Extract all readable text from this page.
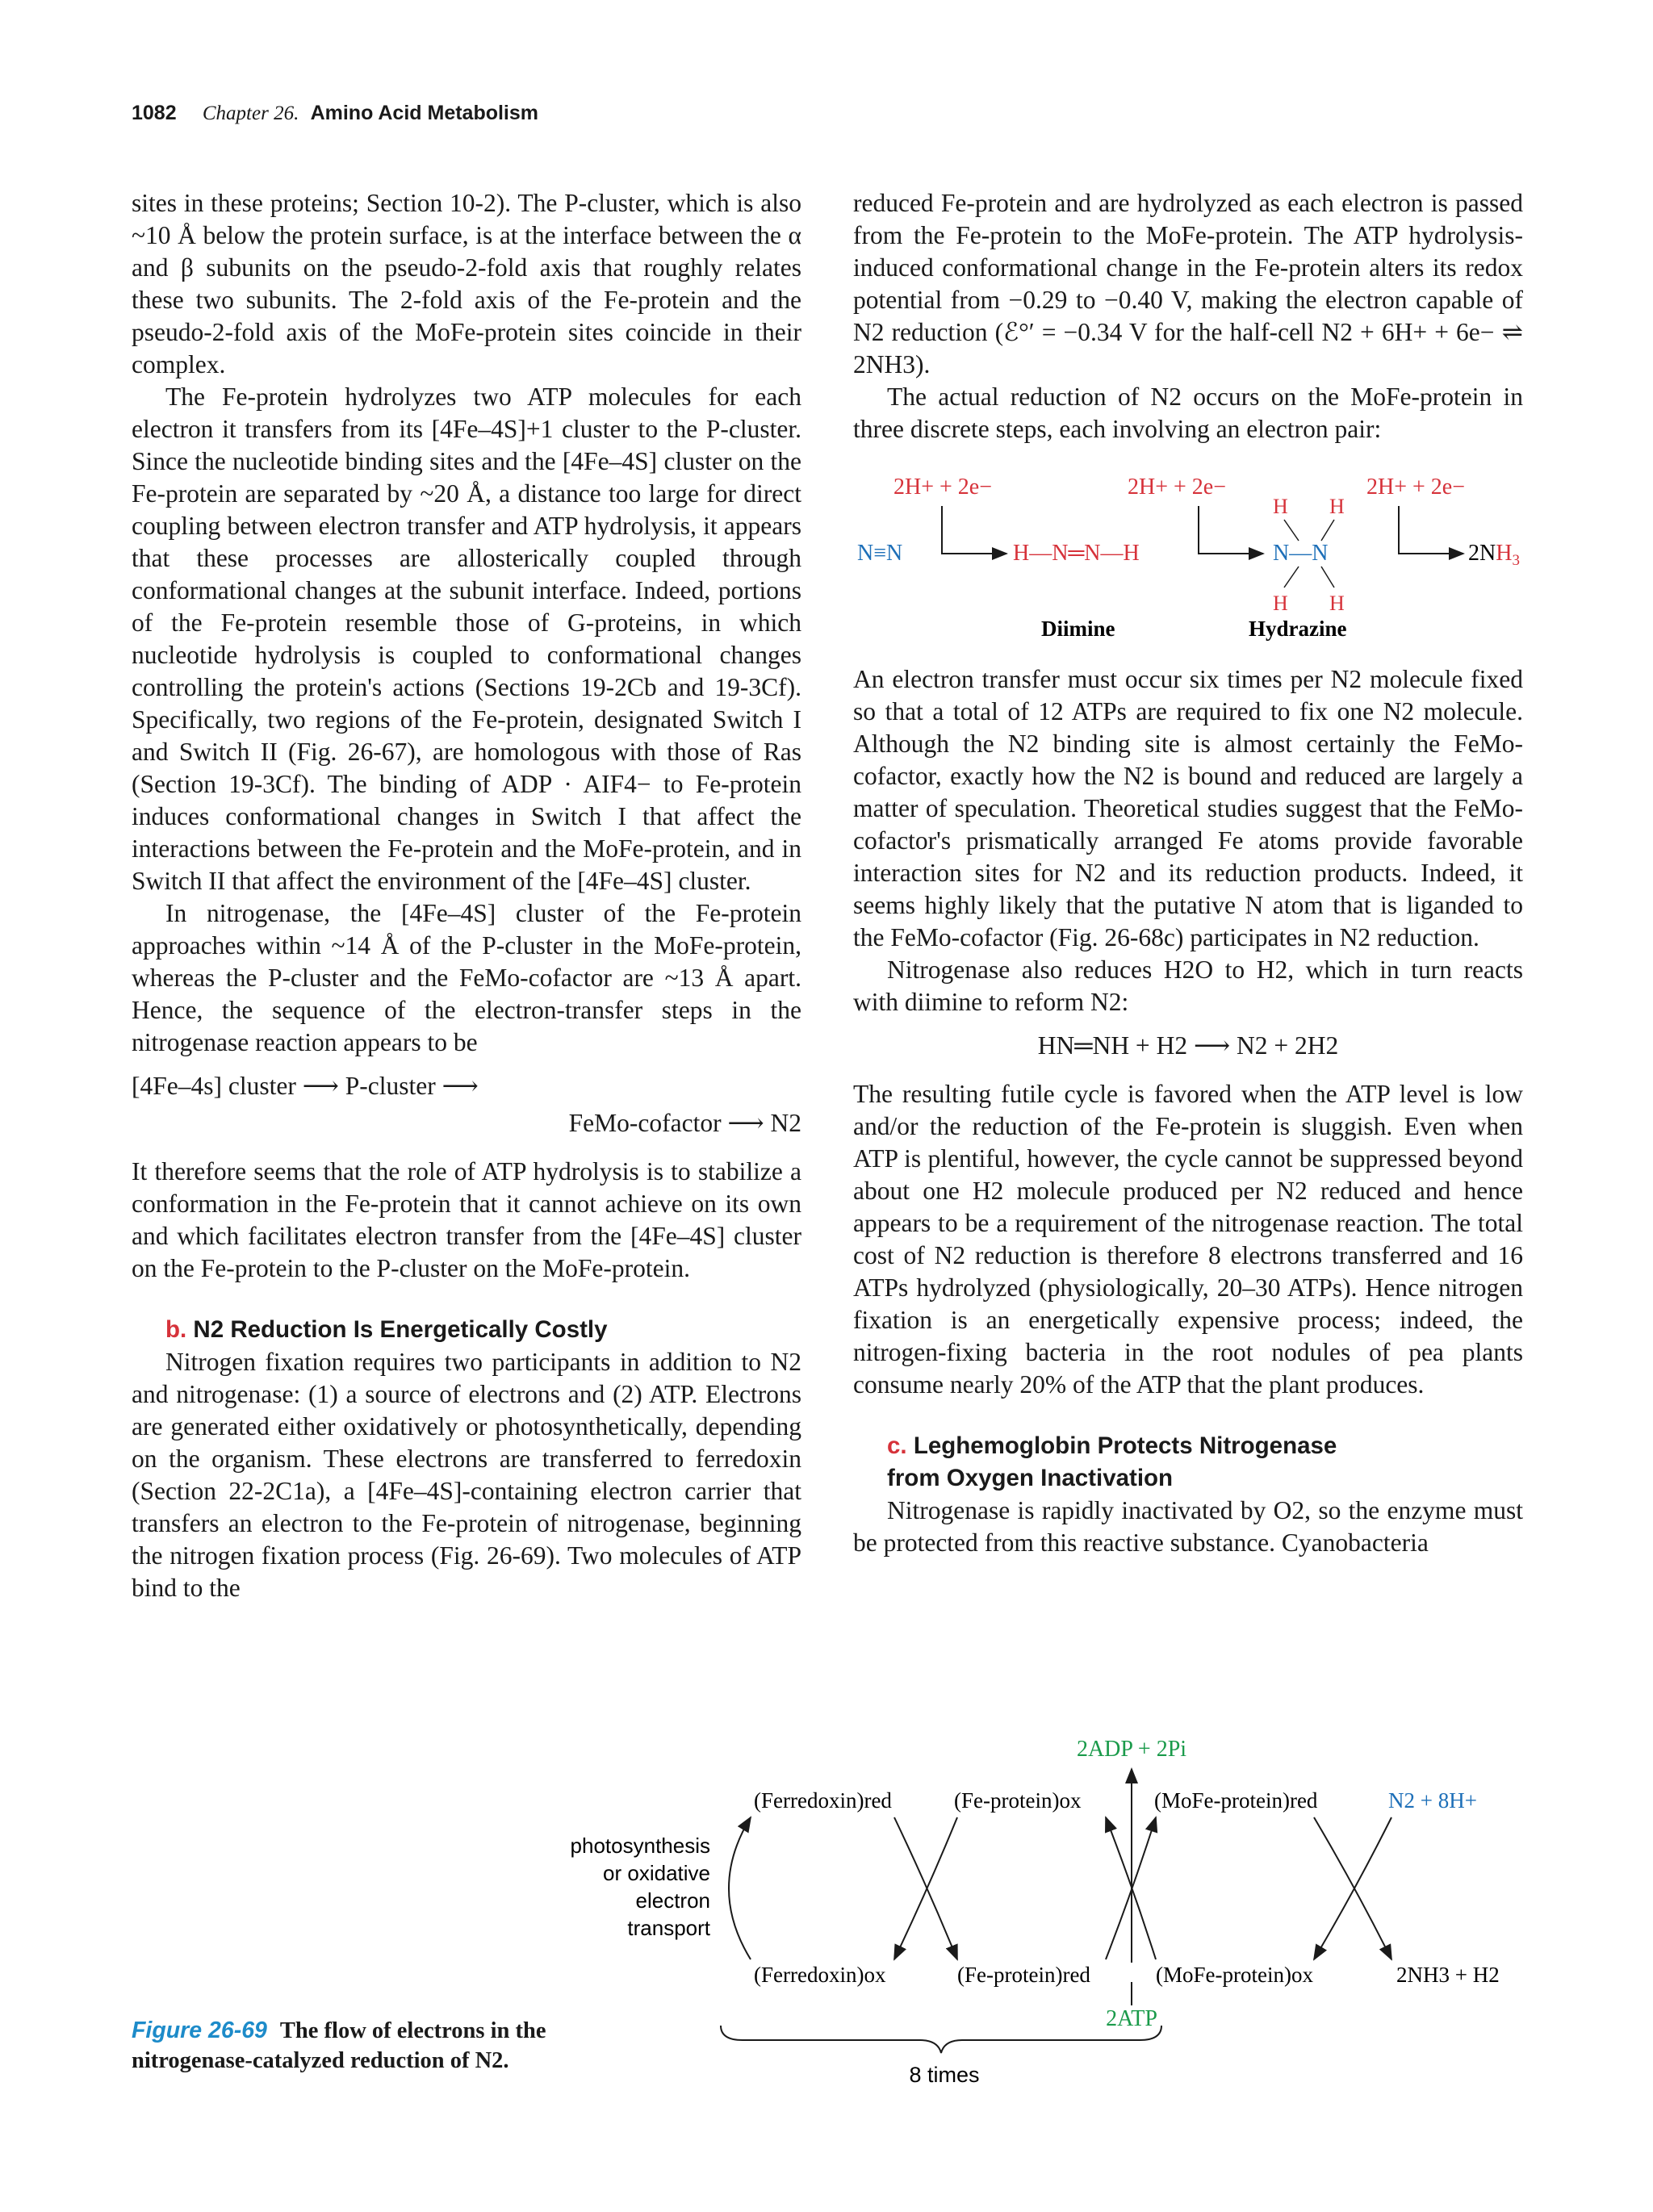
1082 Chapter 26. Amino Acid Metabolism

sites in these proteins; Section 10-2). The P-cluster, which is also ~10 Å below the protein surface, is at the interface between the α and β subunits on the pseudo-2-fold axis that roughly relates these two subunits. The 2-fold axis of the Fe-protein and the pseudo-2-fold axis of the MoFe-protein sites coincide in their complex.

The Fe-protein hydrolyzes two ATP molecules for each electron it transfers from its [4Fe–4S]+1 cluster to the P-cluster. Since the nucleotide binding sites and the [4Fe–4S] cluster on the Fe-protein are separated by ~20 Å, a distance too large for direct coupling between electron transfer and ATP hydrolysis, it appears that these processes are allosterically coupled through conformational changes at the subunit interface. Indeed, portions of the Fe-protein resemble those of G-proteins, in which nucleotide hydrolysis is coupled to conformational changes controlling the protein's actions (Sections 19-2Cb and 19-3Cf). Specifically, two regions of the Fe-protein, designated Switch I and Switch II (Fig. 26-67), are homologous with those of Ras (Section 19-3Cf). The binding of ADP · AIF4− to Fe-protein induces conformational changes in Switch I that affect the interactions between the Fe-protein and the MoFe-protein, and in Switch II that affect the environment of the [4Fe–4S] cluster.

In nitrogenase, the [4Fe–4S] cluster of the Fe-protein approaches within ~14 Å of the P-cluster in the MoFe-protein, whereas the P-cluster and the FeMo-cofactor are ~13 Å apart. Hence, the sequence of the electron-transfer steps in the nitrogenase reaction appears to be

[4Fe–4s] cluster ⟶ P-cluster ⟶
FeMo-cofactor ⟶ N2

It therefore seems that the role of ATP hydrolysis is to stabilize a conformation in the Fe-protein that it cannot achieve on its own and which facilitates electron transfer from the [4Fe–4S] cluster on the Fe-protein to the P-cluster on the MoFe-protein.

b. N2 Reduction Is Energetically Costly

Nitrogen fixation requires two participants in addition to N2 and nitrogenase: (1) a source of electrons and (2) ATP. Electrons are generated either oxidatively or photosynthetically, depending on the organism. These electrons are transferred to ferredoxin (Section 22-2C1a), a [4Fe–4S]-containing electron carrier that transfers an electron to the Fe-protein of nitrogenase, beginning the nitrogen fixation process (Fig. 26-69). Two molecules of ATP bind to the

reduced Fe-protein and are hydrolyzed as each electron is passed from the Fe-protein to the MoFe-protein. The ATP hydrolysis-induced conformational change in the Fe-protein alters its redox potential from −0.29 to −0.40 V, making the electron capable of N2 reduction (ℰ°′ = −0.34 V for the half-cell N2 + 6H+ + 6e− ⇌ 2NH3).

The actual reduction of N2 occurs on the MoFe-protein in three discrete steps, each involving an electron pair:

2H+ + 2e−	2H+ + 2e−	2H+ + 2e−
N≡N	H—N═N—H
H H
N—N
H H
$2NH_3$
Diimine	Hydrazine

An electron transfer must occur six times per N2 molecule fixed so that a total of 12 ATPs are required to fix one N2 molecule. Although the N2 binding site is almost certainly the FeMo-cofactor, exactly how the N2 is bound and reduced are largely a matter of speculation. Theoretical studies suggest that the FeMo-cofactor's prismatically arranged Fe atoms provide favorable interaction sites for N2 and its reduction products. Indeed, it seems highly likely that the putative N atom that is liganded to the FeMo-cofactor (Fig. 26-68c) participates in N2 reduction.

Nitrogenase also reduces H2O to H2, which in turn reacts with diimine to reform N2:

HN═NH + H2 ⟶ N2 + 2H2

The resulting futile cycle is favored when the ATP level is low and/or the reduction of the Fe-protein is sluggish. Even when ATP is plentiful, however, the cycle cannot be suppressed beyond about one H2 molecule produced per N2 reduced and hence appears to be a requirement of the nitrogenase reaction. The total cost of N2 reduction is therefore 8 electrons transferred and 16 ATPs hydrolyzed (physiologically, 20–30 ATPs). Hence nitrogen fixation is an energetically expensive process; indeed, the nitrogen-fixing bacteria in the root nodules of pea plants consume nearly 20% of the ATP that the plant produces.

c. Leghemoglobin Protects Nitrogenase
from Oxygen Inactivation

Nitrogenase is rapidly inactivated by O2, so the enzyme must be protected from this reactive substance. Cyanobacteria

photosynthesis
or oxidative
electron
transport
2ADP + 2Pi
(Ferredoxin)red	(Fe-protein)ox	(MoFe-protein)red	N2 + 8H+
(Ferredoxin)ox	(Fe-protein)red	(MoFe-protein)ox	2NH3 + H2
2ATP
8 times
Figure 26-69 The flow of electrons in the nitrogenase-catalyzed reduction of N2.
